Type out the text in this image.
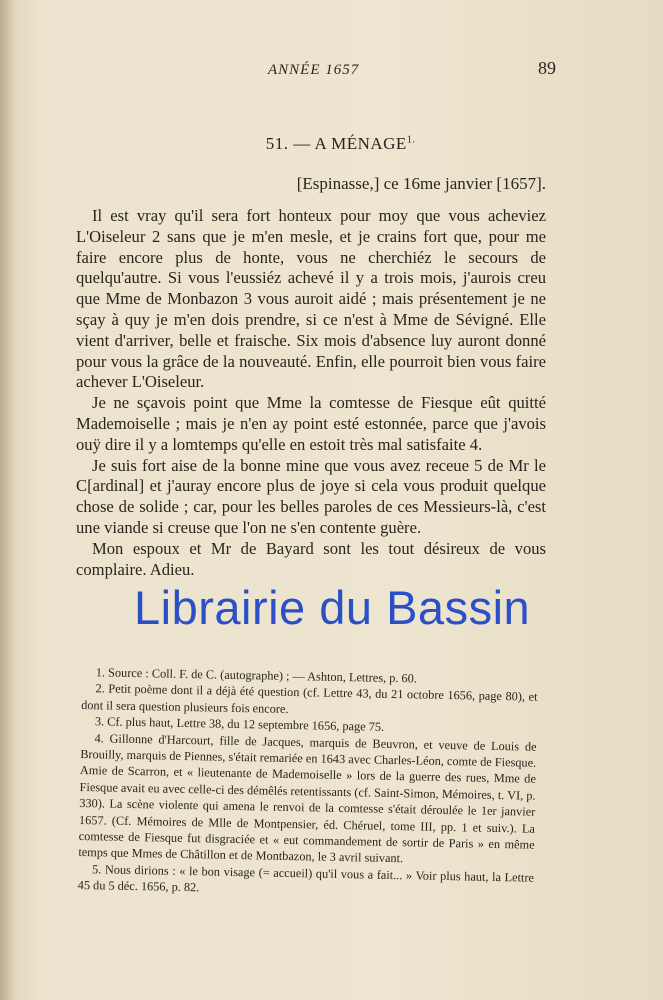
ANNÉE 1657	89
51. — A $MÉNAGE^{1.}$
[Espinasse,] ce 16me janvier [1657].

Il est vray qu'il sera fort honteux pour moy que vous acheviez L'Oiseleur 2 sans que je m'en mesle, et je crains fort que, pour me faire encore plus de honte, vous ne cherchiéz le secours de quelqu'autre. Si vous l'eussiéz achevé il y a trois mois, j'aurois creu que Mme de Monbazon 3 vous auroit aidé ; mais présentement je ne sçay à quy je m'en dois prendre, si ce n'est à Mme de Sévigné. Elle vient d'arriver, belle et fraische. Six mois d'absence luy auront donné pour vous la grâce de la nouveauté. Enfin, elle pourroit bien vous faire achever L'Oiseleur.

Je ne sçavois point que Mme la comtesse de Fiesque eût quitté Mademoiselle ; mais je n'en ay point esté estonnée, parce que j'avois ouÿ dire il y a lomtemps qu'elle en estoit très mal satisfaite 4.

Je suis fort aise de la bonne mine que vous avez receue 5 de Mr le C[ardinal] et j'auray encore plus de joye si cela vous produit quelque chose de solide ; car, pour les belles paroles de ces Messieurs-là, c'est une viande si creuse que l'on ne s'en contente guère.

Mon espoux et Mr de Bayard sont les tout désireux de vous complaire. Adieu.

Librairie du Bassin

1. Source : Coll. F. de C. (autographe) ; — Ashton, Lettres, p. 60.

2. Petit poème dont il a déjà été question (cf. Lettre 43, du 21 octobre 1656, page 80), et dont il sera question plusieurs fois encore.

3. Cf. plus haut, Lettre 38, du 12 septembre 1656, page 75.

4. Gillonne d'Harcourt, fille de Jacques, marquis de Beuvron, et veuve de Louis de Brouilly, marquis de Piennes, s'était remariée en 1643 avec Charles-Léon, comte de Fiesque. Amie de Scarron, et « lieutenante de Mademoiselle » lors de la guerre des rues, Mme de Fiesque avait eu avec celle-ci des démêlés retentissants (cf. Saint-Simon, Mémoires, t. VI, p. 330). La scène violente qui amena le renvoi de la comtesse s'était déroulée le 1er janvier 1657. (Cf. Mémoires de Mlle de Montpensier, éd. Chéruel, tome III, pp. 1 et suiv.). La comtesse de Fiesque fut disgraciée et « eut commandement de sortir de Paris » en même temps que Mmes de Châtillon et de Montbazon, le 3 avril suivant.

5. Nous dirions : « le bon visage (= accueil) qu'il vous a fait... » Voir plus haut, la Lettre 45 du 5 déc. 1656, p. 82.
